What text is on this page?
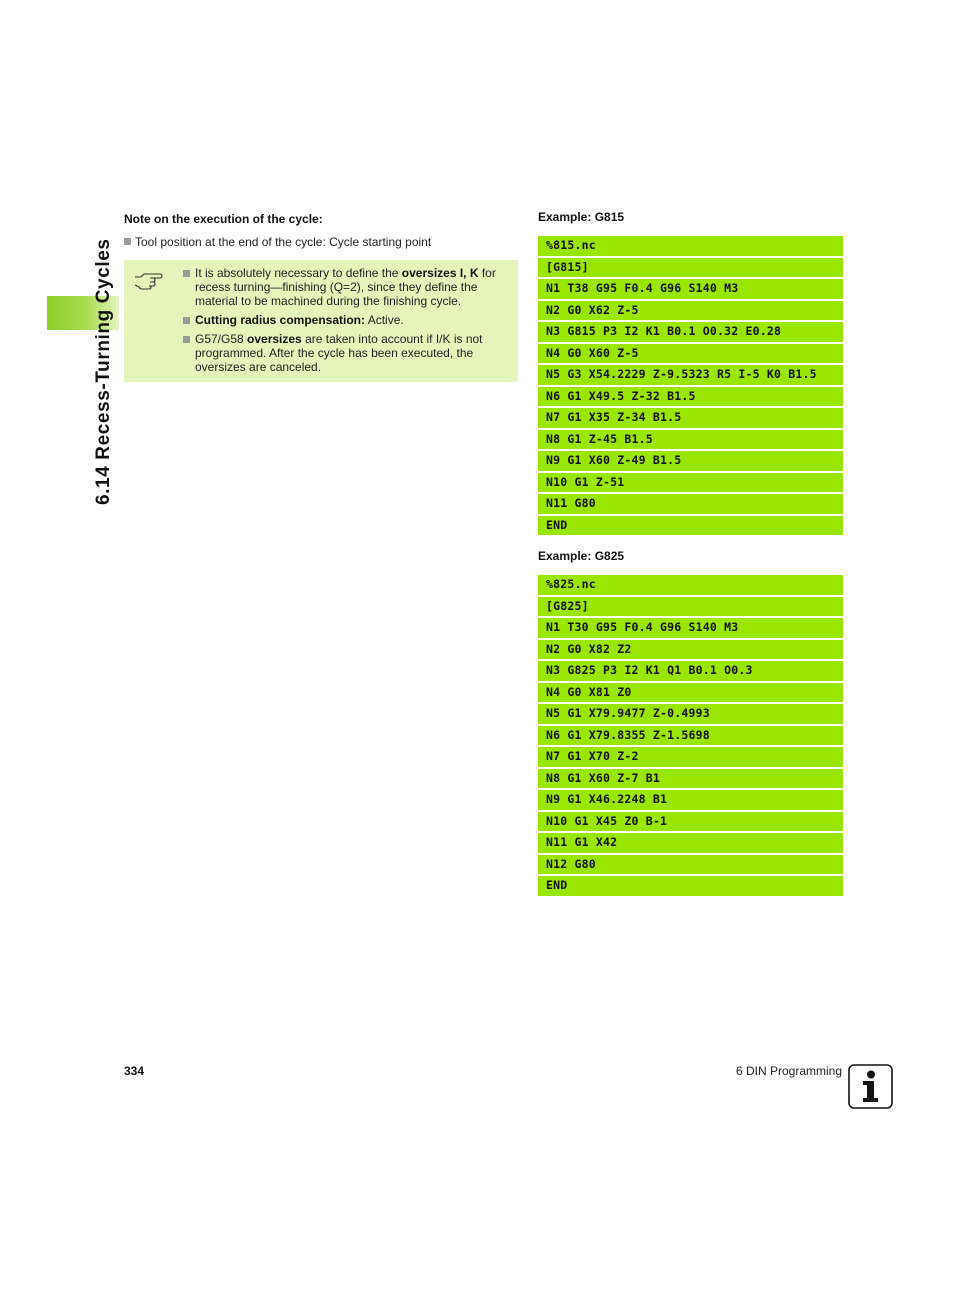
6.14 Recess-Turning Cycles
Note on the execution of the cycle:
Tool position at the end of the cycle: Cycle starting point
It is absolutely necessary to define the oversizes I, K for recess turning—finishing (Q=2), since they define the material to be machined during the finishing cycle.
Cutting radius compensation: Active.
G57/G58 oversizes are taken into account if I/K is not programmed. After the cycle has been executed, the oversizes are canceled.
Example: G815
%815.nc
[G815]
N1 T38 G95 F0.4 G96 S140 M3
N2 G0 X62 Z-5
N3 G815 P3 I2 K1 B0.1 O0.32 E0.28
N4 G0 X60 Z-5
N5 G3 X54.2229 Z-9.5323 R5 I-5 K0 B1.5
N6 G1 X49.5 Z-32 B1.5
N7 G1 X35 Z-34 B1.5
N8 G1 Z-45 B1.5
N9 G1 X60 Z-49 B1.5
N10 G1 Z-51
N11 G80
END
Example: G825
%825.nc
[G825]
N1 T30 G95 F0.4 G96 S140 M3
N2 G0 X82 Z2
N3 G825 P3 I2 K1 Q1 B0.1 O0.3
N4 G0 X81 Z0
N5 G1 X79.9477 Z-0.4993
N6 G1 X79.8355 Z-1.5698
N7 G1 X70 Z-2
N8 G1 X60 Z-7 B1
N9 G1 X46.2248 B1
N10 G1 X45 Z0 B-1
N11 G1 X42
N12 G80
END
334	6 DIN Programming
